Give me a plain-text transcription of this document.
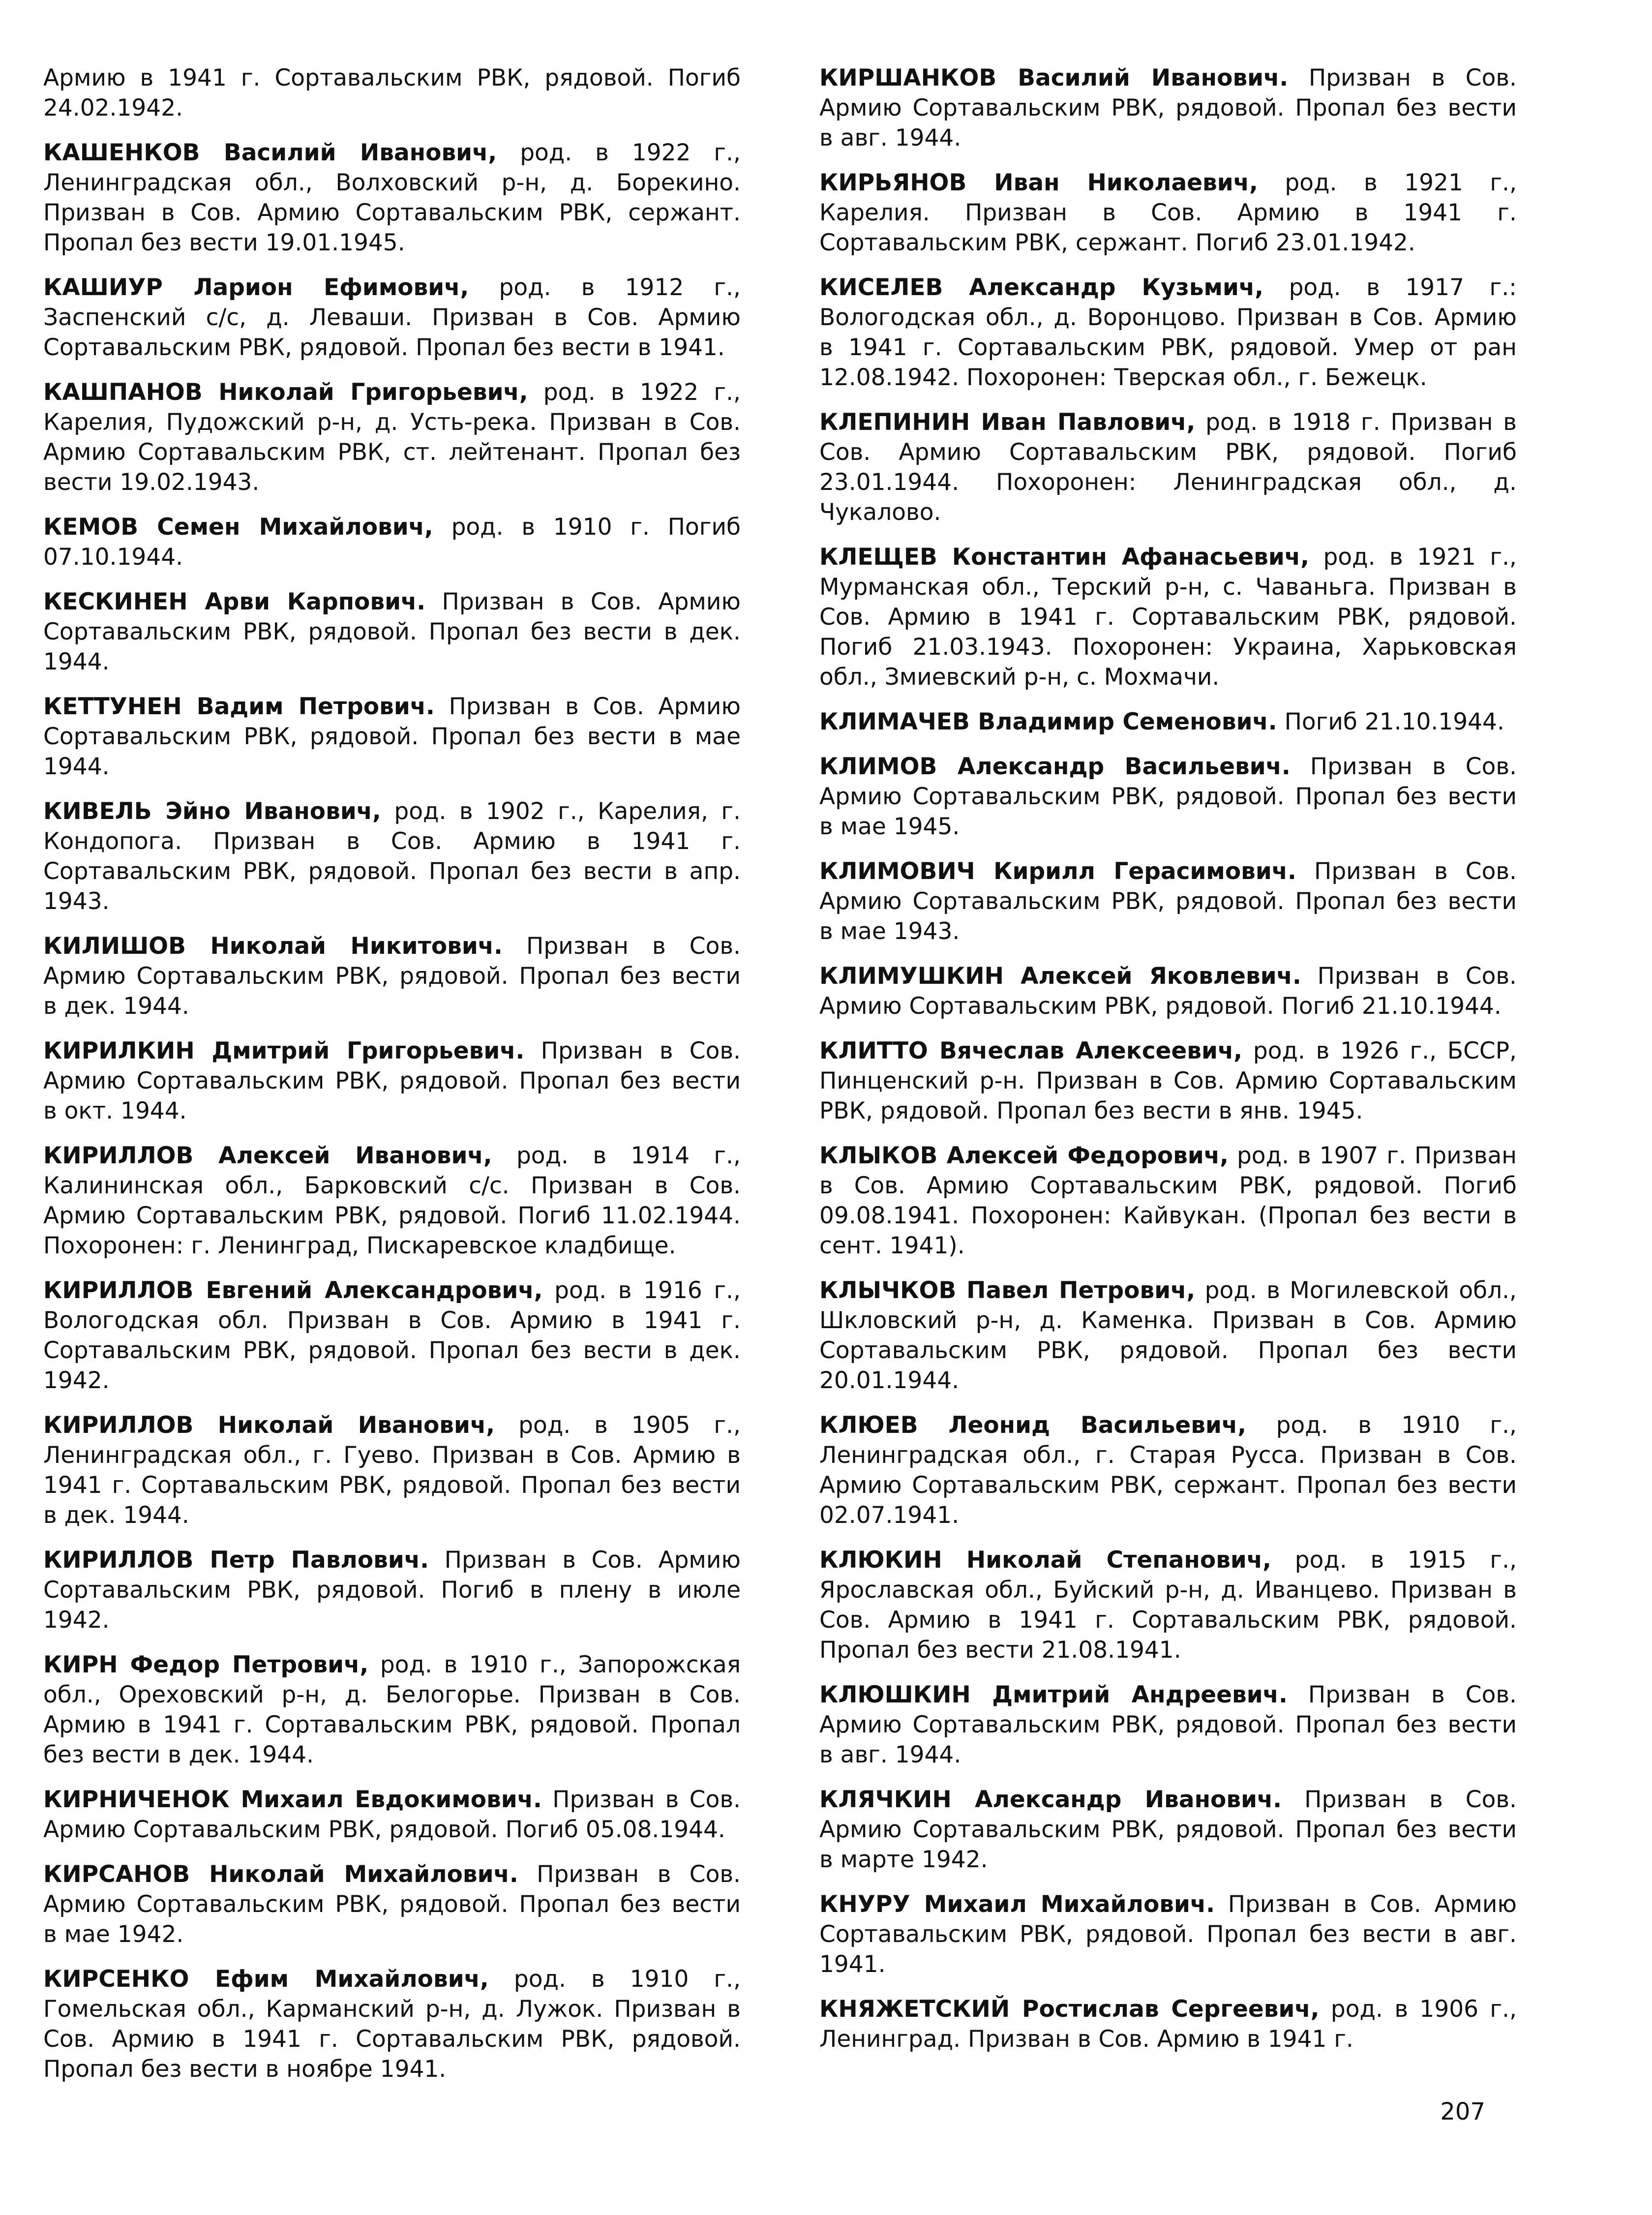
Армию в 1941 г. Сортавальским РВК, рядовой. Погиб 24.02.1942.

КАШЕНКОВ Василий Иванович, род. в 1922 г., Ленинградская обл., Волховский р-н, д. Борекино. Призван в Сов. Армию Сортавальским РВК, сержант. Пропал без вести 19.01.1945.

КАШИУР Ларион Ефимович, род. в 1912 г., Заспенский с/с, д. Леваши. Призван в Сов. Армию Сортавальским РВК, рядовой. Пропал без вести в 1941.

КАШПАНОВ Николай Григорьевич, род. в 1922 г., Карелия, Пудожский р-н, д. Усть-река. Призван в Сов. Армию Сортавальским РВК, ст. лейтенант. Пропал без вести 19.02.1943.

КЕМОВ Семен Михайлович, род. в 1910 г. Погиб 07.10.1944.

КЕСКИНЕН Арви Карпович. Призван в Сов. Армию Сортавальским РВК, рядовой. Пропал без вести в дек. 1944.

КЕТТУНЕН Вадим Петрович. Призван в Сов. Армию Сортавальским РВК, рядовой. Пропал без вести в мае 1944.

КИВЕЛЬ Эйно Иванович, род. в 1902 г., Карелия, г. Кондопога. Призван в Сов. Армию в 1941 г. Сортавальским РВК, рядовой. Пропал без вести в апр. 1943.

КИЛИШОВ Николай Никитович. Призван в Сов. Армию Сортавальским РВК, рядовой. Пропал без вести в дек. 1944.

КИРИЛКИН Дмитрий Григорьевич. Призван в Сов. Армию Сортавальским РВК, рядовой. Пропал без вести в окт. 1944.

КИРИЛЛОВ Алексей Иванович, род. в 1914 г., Калининская обл., Барковский с/с. Призван в Сов. Армию Сортавальским РВК, рядовой. Погиб 11.02.1944. Похоронен: г. Ленинград, Пискаревское кладбище.

КИРИЛЛОВ Евгений Александрович, род. в 1916 г., Вологодская обл. Призван в Сов. Армию в 1941 г. Сортавальским РВК, рядовой. Пропал без вести в дек. 1942.

КИРИЛЛОВ Николай Иванович, род. в 1905 г., Ленинградская обл., г. Гуево. Призван в Сов. Армию в 1941 г. Сортавальским РВК, рядовой. Пропал без вести в дек. 1944.

КИРИЛЛОВ Петр Павлович. Призван в Сов. Армию Сортавальским РВК, рядовой. Погиб в плену в июле 1942.

КИРН Федор Петрович, род. в 1910 г., Запорожская обл., Ореховский р-н, д. Белогорье. Призван в Сов. Армию в 1941 г. Сортавальским РВК, рядовой. Пропал без вести в дек. 1944.

КИРНИЧЕНОК Михаил Евдокимович. Призван в Сов. Армию Сортавальским РВК, рядовой. Погиб 05.08.1944.

КИРСАНОВ Николай Михайлович. Призван в Сов. Армию Сортавальским РВК, рядовой. Пропал без вести в мае 1942.

КИРСЕНКО Ефим Михайлович, род. в 1910 г., Гомельская обл., Карманский р-н, д. Лужок. Призван в Сов. Армию в 1941 г. Сортавальским РВК, рядовой. Пропал без вести в ноябре 1941.

КИРШАНКОВ Василий Иванович. Призван в Сов. Армию Сортавальским РВК, рядовой. Пропал без вести в авг. 1944.

КИРЬЯНОВ Иван Николаевич, род. в 1921 г., Карелия. Призван в Сов. Армию в 1941 г. Сортавальским РВК, сержант. Погиб 23.01.1942.

КИСЕЛЕВ Александр Кузьмич, род. в 1917 г.: Вологодская обл., д. Воронцово. Призван в Сов. Армию в 1941 г. Сортавальским РВК, рядовой. Умер от ран 12.08.1942. Похоронен: Тверская обл., г. Бежецк.

КЛЕПИНИН Иван Павлович, род. в 1918 г. Призван в Сов. Армию Сортавальским РВК, рядовой. Погиб 23.01.1944. Похоронен: Ленинградская обл., д. Чукалово.

КЛЕЩЕВ Константин Афанасьевич, род. в 1921 г., Мурманская обл., Терский р-н, с. Чаваньга. Призван в Сов. Армию в 1941 г. Сортавальским РВК, рядовой. Погиб 21.03.1943. Похоронен: Украина, Харьковская обл., Змиевский р-н, с. Мохмачи.

КЛИМАЧЕВ Владимир Семенович. Погиб 21.10.1944.

КЛИМОВ Александр Васильевич. Призван в Сов. Армию Сортавальским РВК, рядовой. Пропал без вести в мае 1945.

КЛИМОВИЧ Кирилл Герасимович. Призван в Сов. Армию Сортавальским РВК, рядовой. Пропал без вести в мае 1943.

КЛИМУШКИН Алексей Яковлевич. Призван в Сов. Армию Сортавальским РВК, рядовой. Погиб 21.10.1944.

КЛИТТО Вячеслав Алексеевич, род. в 1926 г., БССР, Пинценский р-н. Призван в Сов. Армию Сортавальским РВК, рядовой. Пропал без вести в янв. 1945.

КЛЫКОВ Алексей Федорович, род. в 1907 г. Призван в Сов. Армию Сортавальским РВК, рядовой. Погиб 09.08.1941. Похоронен: Кайвукан. (Пропал без вести в сент. 1941).

КЛЫЧКОВ Павел Петрович, род. в Могилевской обл., Шкловский р-н, д. Каменка. Призван в Сов. Армию Сортавальским РВК, рядовой. Пропал без вести 20.01.1944.

КЛЮЕВ Леонид Васильевич, род. в 1910 г., Ленинградская обл., г. Старая Русса. Призван в Сов. Армию Сортавальским РВК, сержант. Пропал без вести 02.07.1941.

КЛЮКИН Николай Степанович, род. в 1915 г., Ярославская обл., Буйский р-н, д. Иванцево. Призван в Сов. Армию в 1941 г. Сортавальским РВК, рядовой. Пропал без вести 21.08.1941.

КЛЮШКИН Дмитрий Андреевич. Призван в Сов. Армию Сортавальским РВК, рядовой. Пропал без вести в авг. 1944.

КЛЯЧКИН Александр Иванович. Призван в Сов. Армию Сортавальским РВК, рядовой. Пропал без вести в марте 1942.

КНУРУ Михаил Михайлович. Призван в Сов. Армию Сортавальским РВК, рядовой. Пропал без вести в авг. 1941.

КНЯЖЕТСКИЙ Ростислав Сергеевич, род. в 1906 г., Ленинград. Призван в Сов. Армию в 1941 г.

207
